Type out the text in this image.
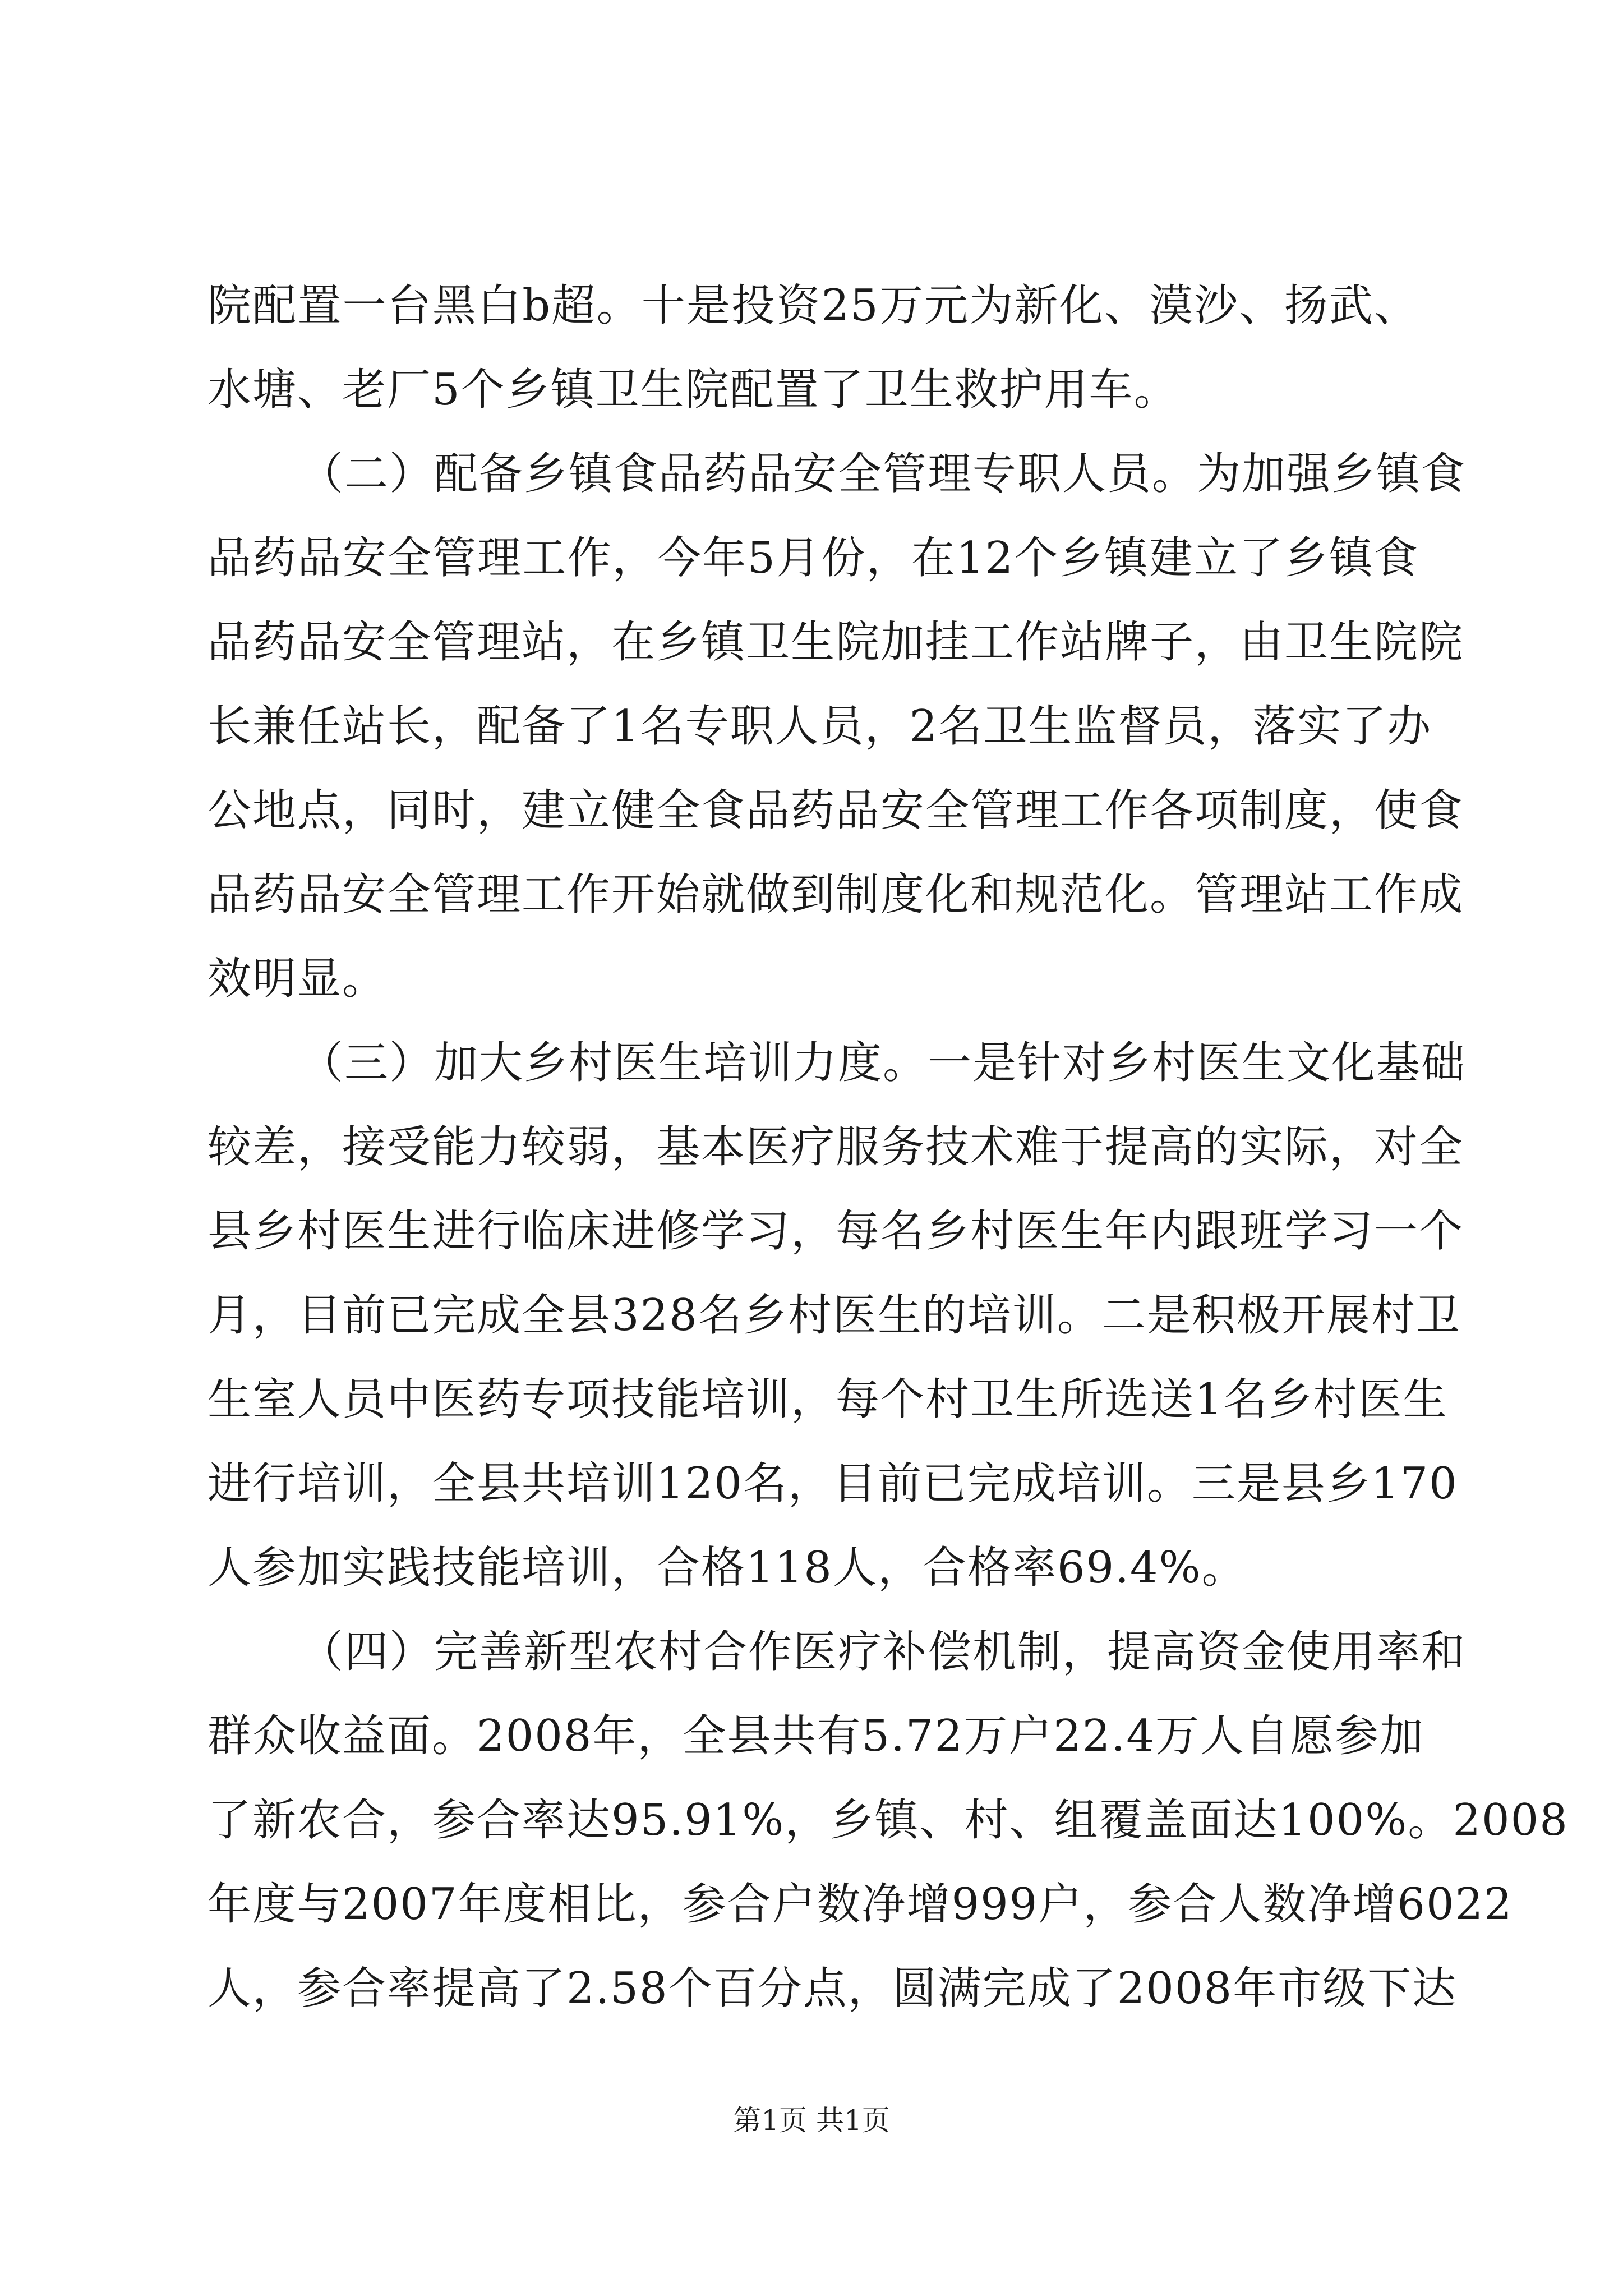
院配置一台黑白b超。十是投资25万元为新化、漠沙、扬武、
水塘、老厂5个乡镇卫生院配置了卫生救护用车。
（二）配备乡镇食品药品安全管理专职人员。为加强乡镇食
品药品安全管理工作，今年5月份，在12个乡镇建立了乡镇食
品药品安全管理站，在乡镇卫生院加挂工作站牌子，由卫生院院
长兼任站长，配备了1名专职人员，2名卫生监督员，落实了办
公地点，同时，建立健全食品药品安全管理工作各项制度，使食
品药品安全管理工作开始就做到制度化和规范化。管理站工作成
效明显。
（三）加大乡村医生培训力度。一是针对乡村医生文化基础
较差，接受能力较弱，基本医疗服务技术难于提高的实际，对全
县乡村医生进行临床进修学习，每名乡村医生年内跟班学习一个
月，目前已完成全县328名乡村医生的培训。二是积极开展村卫
生室人员中医药专项技能培训，每个村卫生所选送1名乡村医生
进行培训，全县共培训120名，目前已完成培训。三是县乡170
人参加实践技能培训，合格118人，合格率69.4%。
（四）完善新型农村合作医疗补偿机制，提高资金使用率和
群众收益面。2008年，全县共有5.72万户22.4万人自愿参加
了新农合，参合率达95.91%，乡镇、村、组覆盖面达100%。2008
年度与2007年度相比，参合户数净增999户，参合人数净增6022
人，参合率提高了2.58个百分点，圆满完成了2008年市级下达
第1页 共1页
